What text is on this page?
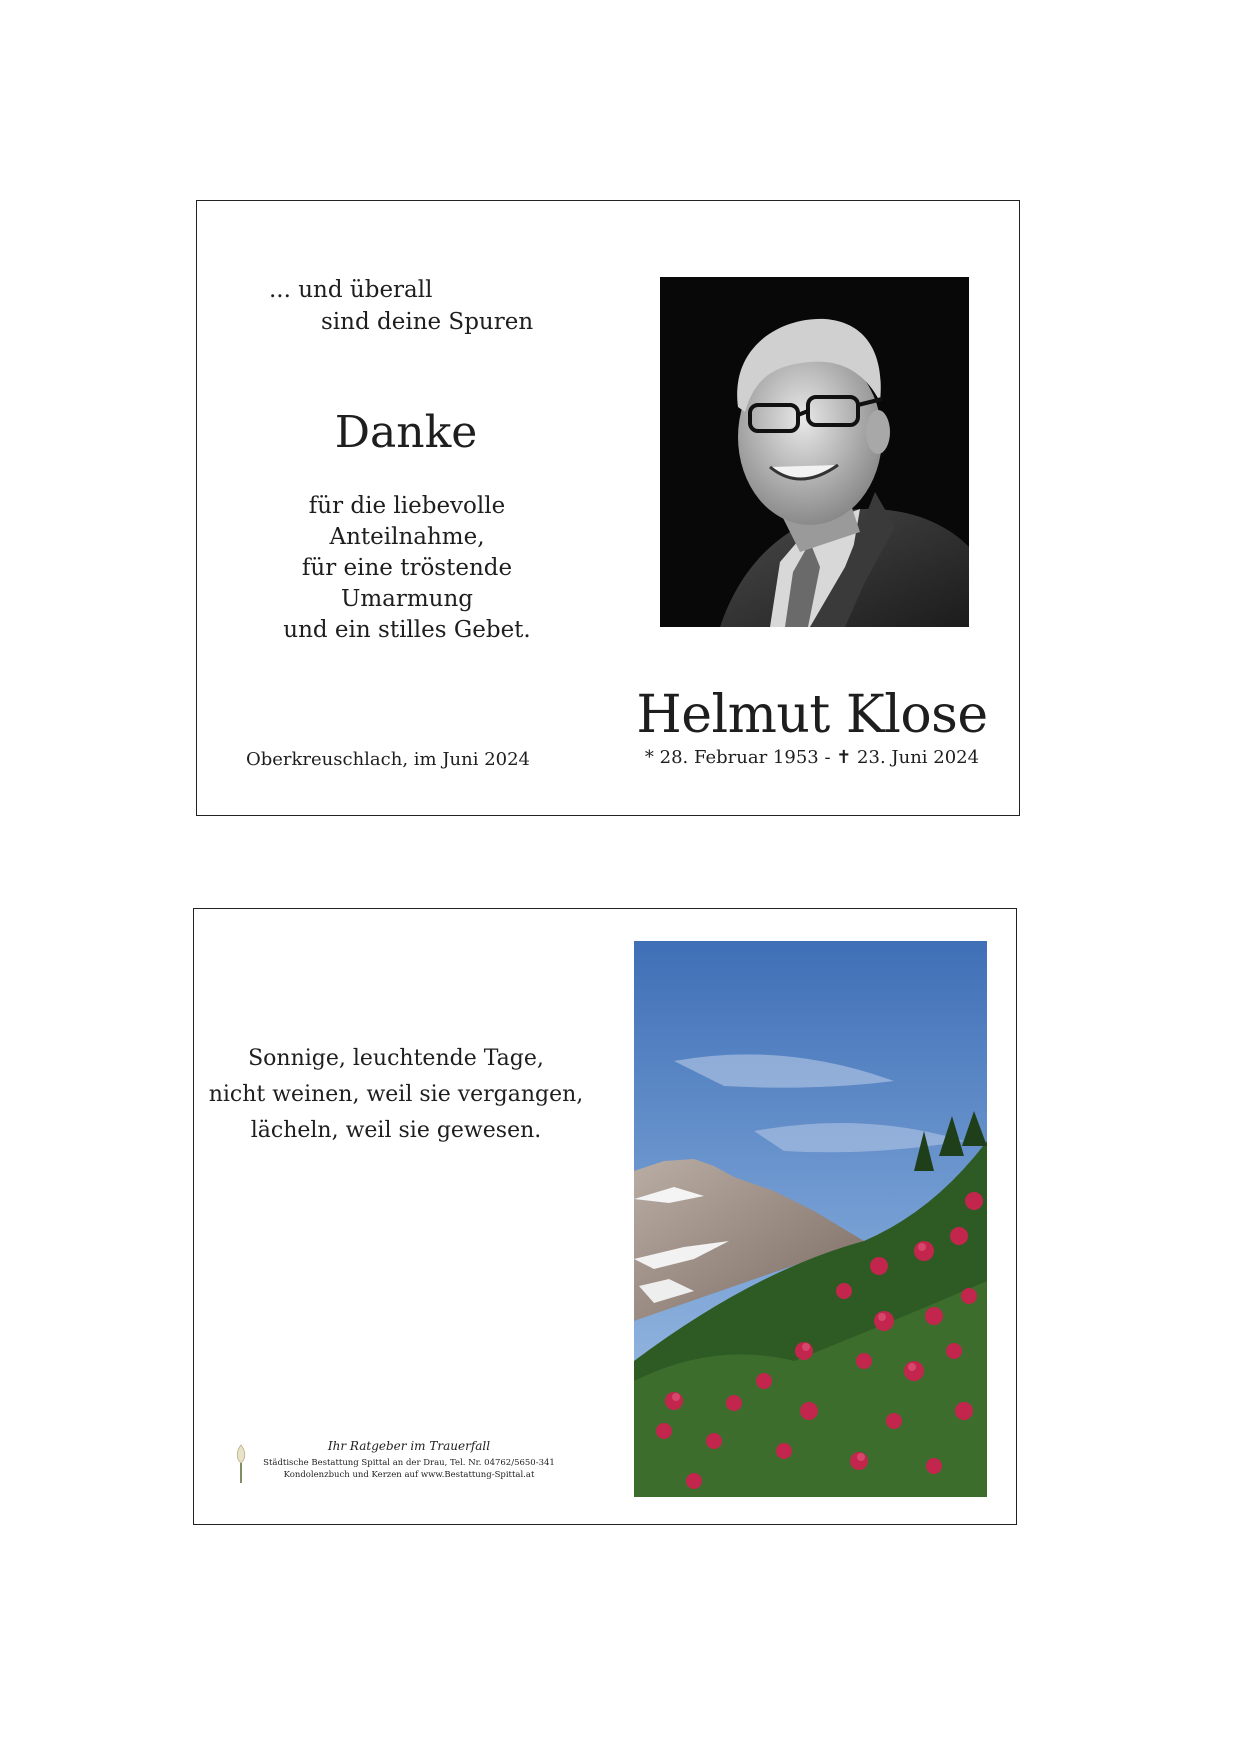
... und überall
sind deine Spuren
Danke
für die liebevolle
Anteilnahme,
für eine tröstende
Umarmung
und ein stilles Gebet.
Oberkreuschlach, im Juni 2024
Helmut Klose
* 28. Februar 1953 - ✝ 23. Juni 2024
Sonnige, leuchtende Tage,
nicht weinen, weil sie vergangen,
lächeln, weil sie gewesen.
Ihr Ratgeber im Trauerfall
Städtische Bestattung Spittal an der Drau, Tel. Nr. 04762/5650-341
Kondolenzbuch und Kerzen auf www.Bestattung-Spittal.at
